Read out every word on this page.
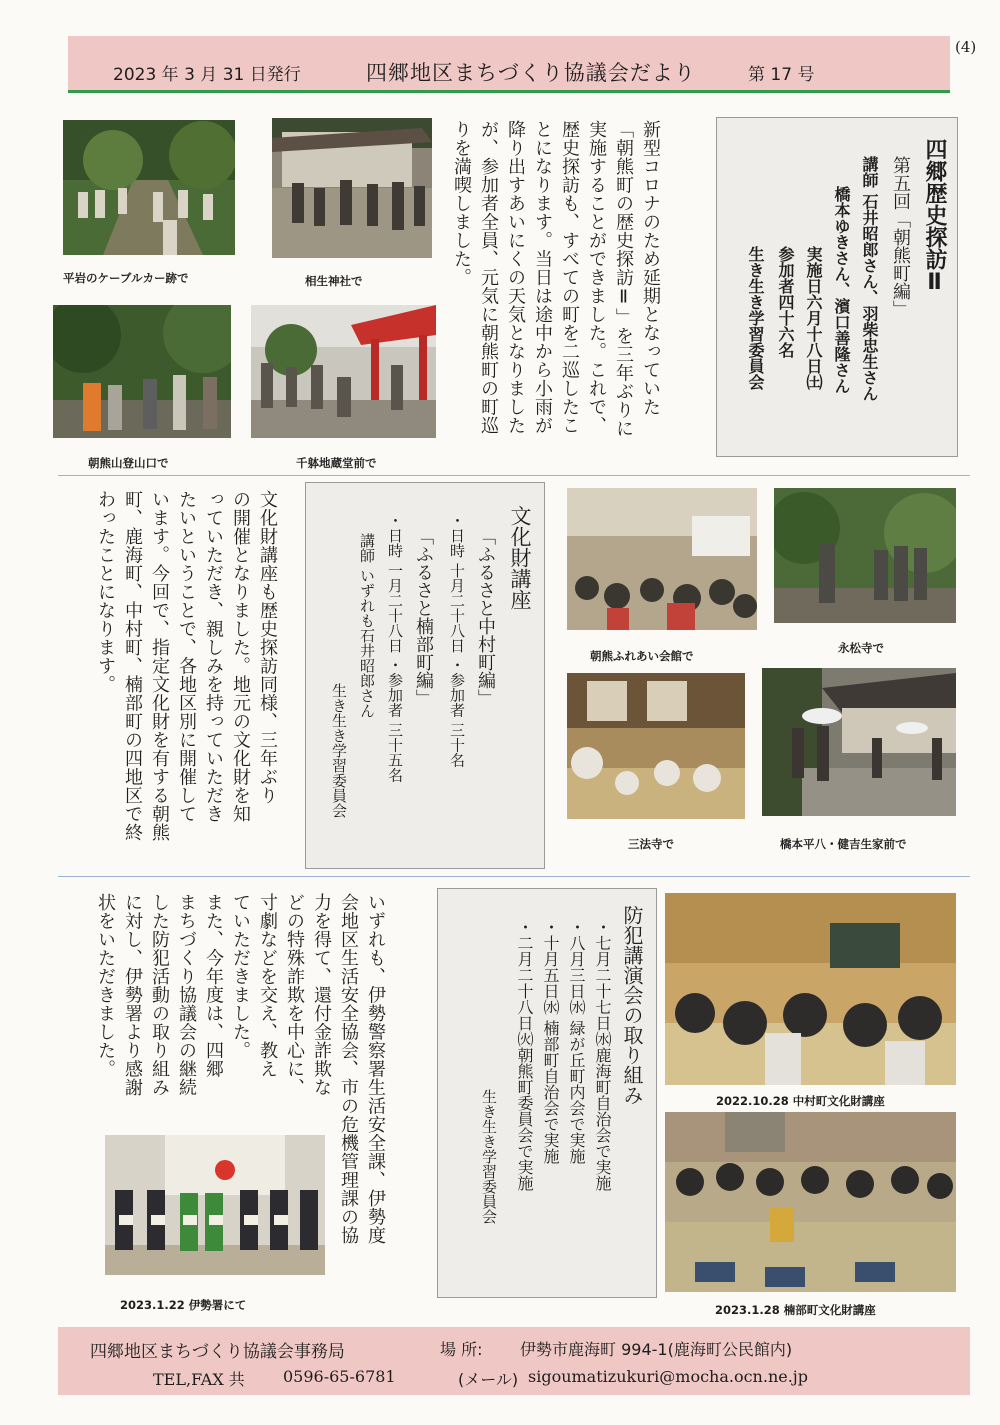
(4)
2023 年 3 月 31 日発行	四郷地区まちづくり協議会だより	第 17 号
四郷歴史探訪Ⅱ
第五回「朝熊町編」
講師 石井昭郎さん、羽柴忠生さん
橋本ゆきさん、濱口善隆さん
実施日六月十八日㈯
参加者四十六名
生き生き学習委員会
新型コロナのため延期となっていた
「朝熊町の歴史探訪Ⅱ」を三年ぶりに
実施することができました。これで、
歴史探訪も、すべての町を二巡したこ
とになります。当日は途中から小雨が
降り出すあいにくの天気となりました
が、参加者全員、元気に朝熊町の町巡
りを満喫しました。
平岩のケーブルカー跡で	相生神社で
朝熊山登山口で	千躰地蔵堂前で
朝熊ふれあい会館で
永松寺で
三法寺で	橋本平八・健吉生家前で
文化財講座
「ふるさと中村町編」
・日時 十月二十八日 ・参加者 三十名
「ふるさと楠部町編」
・日時 一月二十八日 ・参加者 三十五名
講師 いずれも石井昭郎さん
生き生き学習委員会
文化財講座も歴史探訪同様、三年ぶり
の開催となりました。地元の文化財を知
っていただき、親しみを持っていただき
たいということで、各地区別に開催して
います。今回で、指定文化財を有する朝熊
町、鹿海町、中村町、楠部町の四地区で終
わったことになります。
防犯講演会の取り組み
・七月二十七日㈬鹿海町自治会で実施
・八月三日㈬ 緑が丘町内会で実施
・十月五日㈬ 楠部町自治会で実施
・二月二十八日㈫朝熊町委員会で実施
生き生き学習委員会
いずれも、伊勢警察署生活安全課、伊勢度
会地区生活安全協会、市の危機管理課の協
力を得て、還付金詐欺な
どの特殊詐欺を中心に、
寸劇などを交え、教え
ていただきました。
また、今年度は、四郷
まちづくり協議会の継続
した防犯活動の取り組み
に対し、伊勢署より感謝
状をいただきました。
2023.1.22 伊勢署にて
2022.10.28 中村町文化財講座
2023.1.28 楠部町文化財講座
四郷地区まちづくり協議会事務局	場 所: 伊勢市鹿海町 994-1(鹿海町公民館内)
TEL,FAX 共 0596-65-6781	(メール) sigoumatizukuri@mocha.ocn.ne.jp
